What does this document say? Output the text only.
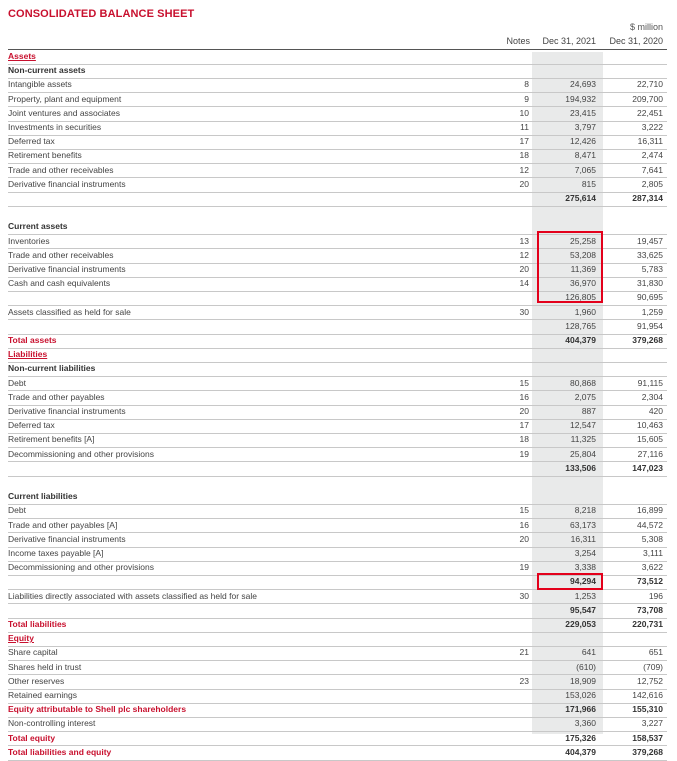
CONSOLIDATED BALANCE SHEET
$ million
Notes	Dec 31, 2021	Dec 31, 2020
Assets
Non-current assets
Intangible assets	8	24,693	22,710
Property, plant and equipment	9	194,932	209,700
Joint ventures and associates	10	23,415	22,451
Investments in securities	11	3,797	3,222
Deferred tax	17	12,426	16,311
Retirement benefits	18	8,471	2,474
Trade and other receivables	12	7,065	7,641
Derivative financial instruments	20	815	2,805
275,614	287,314
Current assets
Inventories	13	25,258	19,457
Trade and other receivables	12	53,208	33,625
Derivative financial instruments	20	11,369	5,783
Cash and cash equivalents	14	36,970	31,830
126,805	90,695
Assets classified as held for sale	30	1,960	1,259
128,765	91,954
Total assets	404,379	379,268
Liabilities
Non-current liabilities
Debt	15	80,868	91,115
Trade and other payables	16	2,075	2,304
Derivative financial instruments	20	887	420
Deferred tax	17	12,547	10,463
Retirement benefits [A]	18	11,325	15,605
Decommissioning and other provisions	19	25,804	27,116
133,506	147,023
Current liabilities
Debt	15	8,218	16,899
Trade and other payables [A]	16	63,173	44,572
Derivative financial instruments	20	16,311	5,308
Income taxes payable [A]	3,254	3,111
Decommissioning and other provisions	19	3,338	3,622
94,294	73,512
Liabilities directly associated with assets classified as held for sale	30	1,253	196
95,547	73,708
Total liabilities	229,053	220,731
Equity
Share capital	21	641	651
Shares held in trust	(610)	(709)
Other reserves	23	18,909	12,752
Retained earnings	153,026	142,616
Equity attributable to Shell plc shareholders	171,966	155,310
Non-controlling interest	3,360	3,227
Total equity	175,326	158,537
Total liabilities and equity	404,379	379,268
